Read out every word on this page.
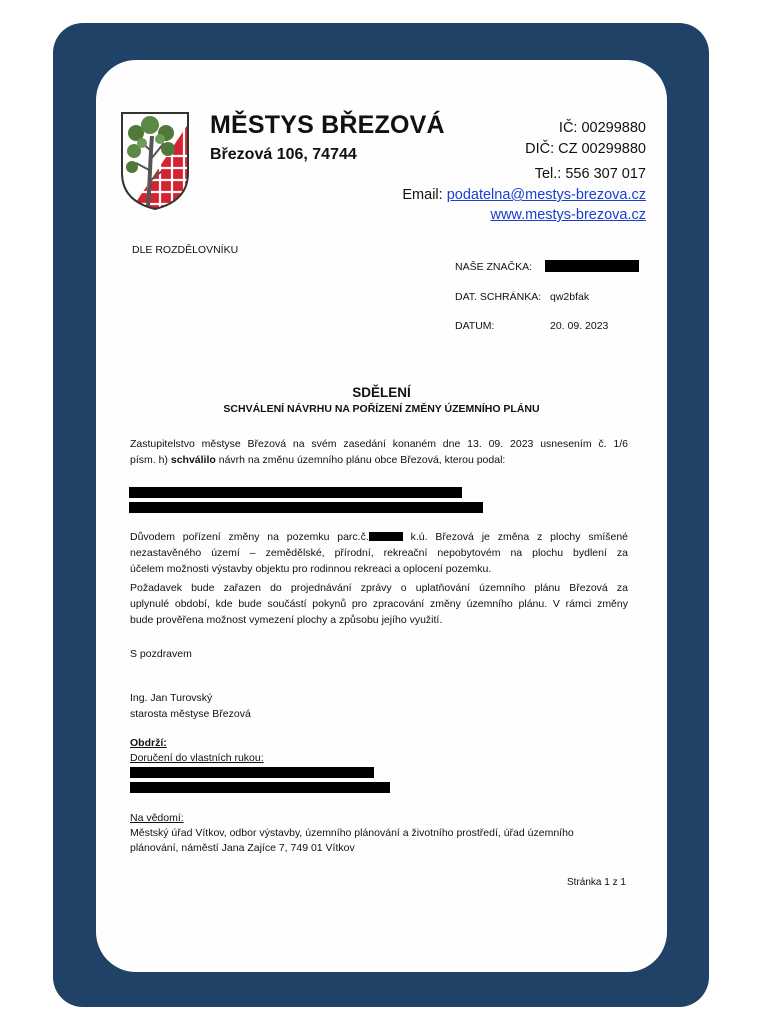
MĚSTYS BŘEZOVÁ
Březová 106, 74744
IČ: 00299880
DIČ: CZ 00299880
Tel.: 556 307 017
Email: podatelna@mestys-brezova.cz
www.mestys-brezova.cz
DLE ROZDĚLOVNÍKU
NAŠE ZNAČKA:
DAT. SCHRÁNKA: qw2bfak
DATUM:	20. 09. 2023
SDĚLENÍ
SCHVÁLENÍ NÁVRHU NA POŘÍZENÍ ZMĚNY ÚZEMNÍHO PLÁNU
Zastupitelstvo městyse Březová na svém zasedání konaném dne 13. 09. 2023 usnesením č. 1/6
písm. h) schválilo návrh na změnu územního plánu obce Březová, kterou podal:
Důvodem pořízení změny na pozemku parc.č.	k.ú. Březová je změna z plochy smíšené
nezastavěného území – zemědělské, přírodní, rekreační nepobytovém na plochu bydlení za
účelem možnosti výstavby objektu pro rodinnou rekreaci a oplocení pozemku.
Požadavek bude zařazen do projednávání zprávy o uplatňování územního plánu Březová za
uplynulé období, kde bude součástí pokynů pro zpracování změny územního plánu. V rámci změny
bude prověřena možnost vymezení plochy a způsobu jejího využití.
S pozdravem
Ing. Jan Turovský
starosta městyse Březová
Obdrží:
Doručení do vlastních rukou:
Na vědomí:
Městský úřad Vítkov, odbor výstavby, územního plánování a životního prostředí, úřad územního
plánování, náměstí Jana Zajíce 7, 749 01 Vítkov
Stránka 1 z 1
